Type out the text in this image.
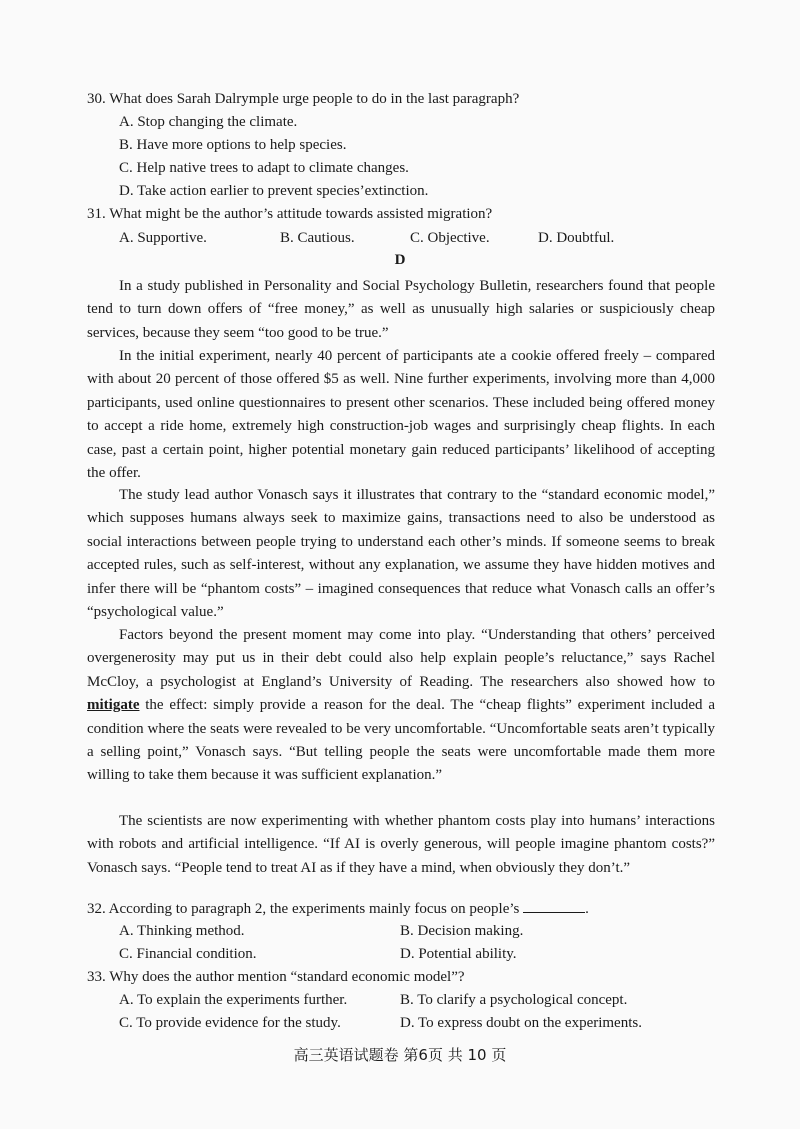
30. What does Sarah Dalrymple urge people to do in the last paragraph?
A. Stop changing the climate.
B. Have more options to help species.
C. Help native trees to adapt to climate changes.
D. Take action earlier to prevent species’extinction.
31. What might be the author’s attitude towards assisted migration?
A. Supportive.	B. Cautious.	C. Objective.	D. Doubtful.
D

In a study published in Personality and Social Psychology Bulletin, researchers found that people tend to turn down offers of “free money,” as well as unusually high salaries or suspiciously cheap services, because they seem “too good to be true.”

In the initial experiment, nearly 40 percent of participants ate a cookie offered freely – compared with about 20 percent of those offered $5 as well. Nine further experiments, involving more than 4,000 participants, used online questionnaires to present other scenarios. These included being offered money to accept a ride home, extremely high construction-job wages and surprisingly cheap flights. In each case, past a certain point, higher potential monetary gain reduced participants’ likelihood of accepting the offer.

The study lead author Vonasch says it illustrates that contrary to the “standard economic model,” which supposes humans always seek to maximize gains, transactions need to also be understood as social interactions between people trying to understand each other’s minds. If someone seems to break accepted rules, such as self-interest, without any explanation, we assume they have hidden motives and infer there will be “phantom costs” – imagined consequences that reduce what Vonasch calls an offer’s “psychological value.”

Factors beyond the present moment may come into play. “Understanding that others’ perceived overgenerosity may put us in their debt could also help explain people’s reluctance,” says Rachel McCloy, a psychologist at England’s University of Reading. The researchers also showed how to mitigate the effect: simply provide a reason for the deal. The “cheap flights” experiment included a condition where the seats were revealed to be very uncomfortable. “Uncomfortable seats aren’t typically a selling point,” Vonasch says. “But telling people the seats were uncomfortable made them more willing to take them because it was sufficient explanation.”

The scientists are now experimenting with whether phantom costs play into humans’ interactions with robots and artificial intelligence. “If AI is overly generous, will people imagine phantom costs?” Vonasch says. “People tend to treat AI as if they have a mind, when obviously they don’t.”

32. According to paragraph 2, the experiments mainly focus on people’s	.
A. Thinking method.	B. Decision making.
C. Financial condition.	D. Potential ability.
33. Why does the author mention “standard economic model”?
A. To explain the experiments further.	B. To clarify a psychological concept.
C. To provide evidence for the study.	D. To express doubt on the experiments.
高三英语试题卷 第6页 共 10 页
